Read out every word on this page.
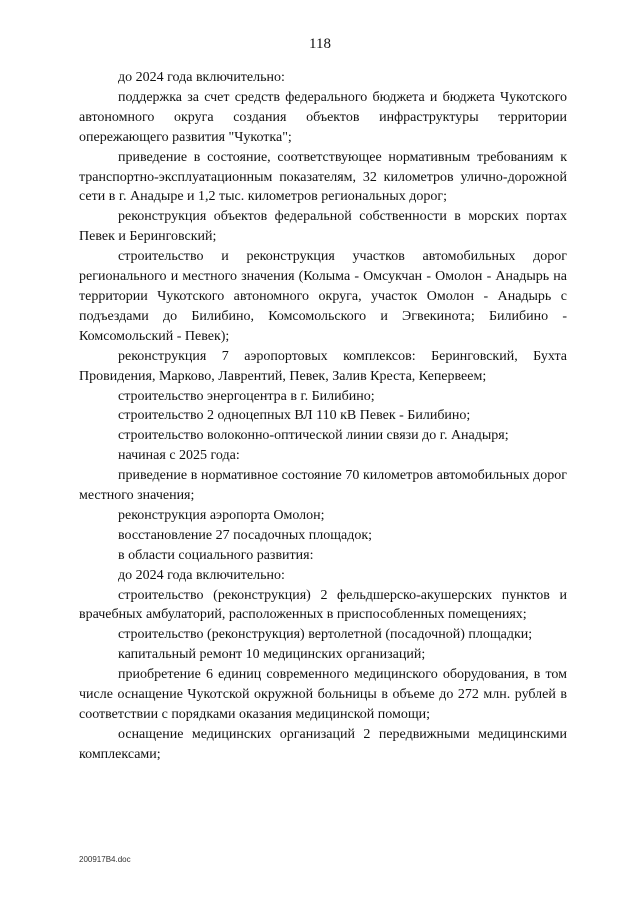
118

до 2024 года включительно:

поддержка за счет средств федерального бюджета и бюджета Чукотского автономного округа создания объектов инфраструктуры территории опережающего развития "Чукотка";

приведение в состояние, соответствующее нормативным требованиям к транспортно-эксплуатационным показателям, 32 километров улично-дорожной сети в г. Анадыре и 1,2 тыс. километров региональных дорог;

реконструкция объектов федеральной собственности в морских портах Певек и Беринговский;

строительство и реконструкция участков автомобильных дорог регионального и местного значения (Колыма - Омсукчан - Омолон - Анадырь на территории Чукотского автономного округа, участок Омолон - Анадырь с подъездами до Билибино, Комсомольского и Эгвекинота; Билибино - Комсомольский - Певек);

реконструкция 7 аэропортовых комплексов: Беринговский, Бухта Провидения, Марково, Лаврентий, Певек, Залив Креста, Кепервеем;

строительство энергоцентра в г. Билибино;

строительство 2 одноцепных ВЛ 110 кВ Певек - Билибино;

строительство волоконно-оптической линии связи до г. Анадыря;

начиная с 2025 года:

приведение в нормативное состояние 70 километров автомобильных дорог местного значения;

реконструкция аэропорта Омолон;

восстановление 27 посадочных площадок;

в области социального развития:

до 2024 года включительно:

строительство (реконструкция) 2 фельдшерско-акушерских пунктов и врачебных амбулаторий, расположенных в приспособленных помещениях;

строительство (реконструкция) вертолетной (посадочной) площадки;

капитальный ремонт 10 медицинских организаций;

приобретение 6 единиц современного медицинского оборудования, в том числе оснащение Чукотской окружной больницы в объеме до 272 млн. рублей в соответствии с порядками оказания медицинской помощи;

оснащение медицинских организаций 2 передвижными медицинскими комплексами;

200917В4.doc
